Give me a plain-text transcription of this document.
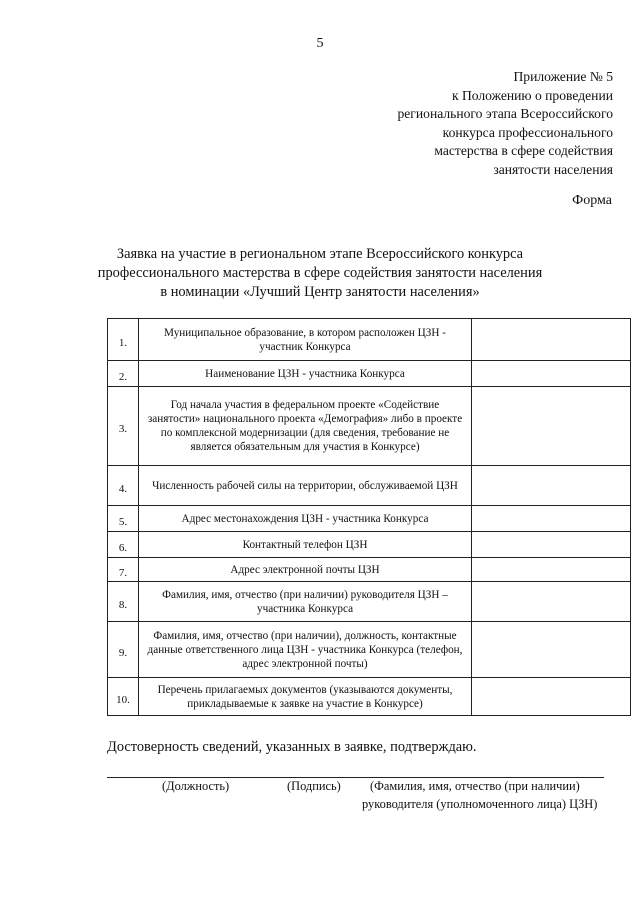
5
Приложение № 5
к Положению о проведении
регионального этапа Всероссийского
конкурса профессионального
мастерства в сфере содействия
занятости населения
Форма
Заявка на участие в региональном этапе Всероссийского конкурса
профессионального мастерства в сфере содействия занятости населения
в номинации «Лучший Центр занятости населения»
1.	Муниципальное образование, в котором расположен ЦЗН - участник Конкурса	
2.	Наименование ЦЗН - участника Конкурса	
3.	Год начала участия в федеральном проекте «Содействие занятости» национального проекта «Демография» либо в проекте по комплексной модернизации (для сведения, требование не является обязательным для участия в Конкурсе)	
4.	Численность рабочей силы на территории, обслуживаемой ЦЗН	
5.	Адрес местонахождения ЦЗН - участника Конкурса	
6.	Контактный телефон ЦЗН	
7.	Адрес электронной почты ЦЗН	
8.	Фамилия, имя, отчество (при наличии) руководителя ЦЗН – участника Конкурса	
9.	Фамилия, имя, отчество (при наличии), должность, контактные данные ответственного лица ЦЗН - участника Конкурса (телефон, адрес электронной почты)	
10.	Перечень прилагаемых документов (указываются документы, прикладываемые к заявке на участие в Конкурсе)	
Достоверность сведений, указанных в заявке, подтверждаю.
(Должность)	(Подпись) (Фамилия, имя, отчество (при наличии)
руководителя (уполномоченного лица) ЦЗН)
